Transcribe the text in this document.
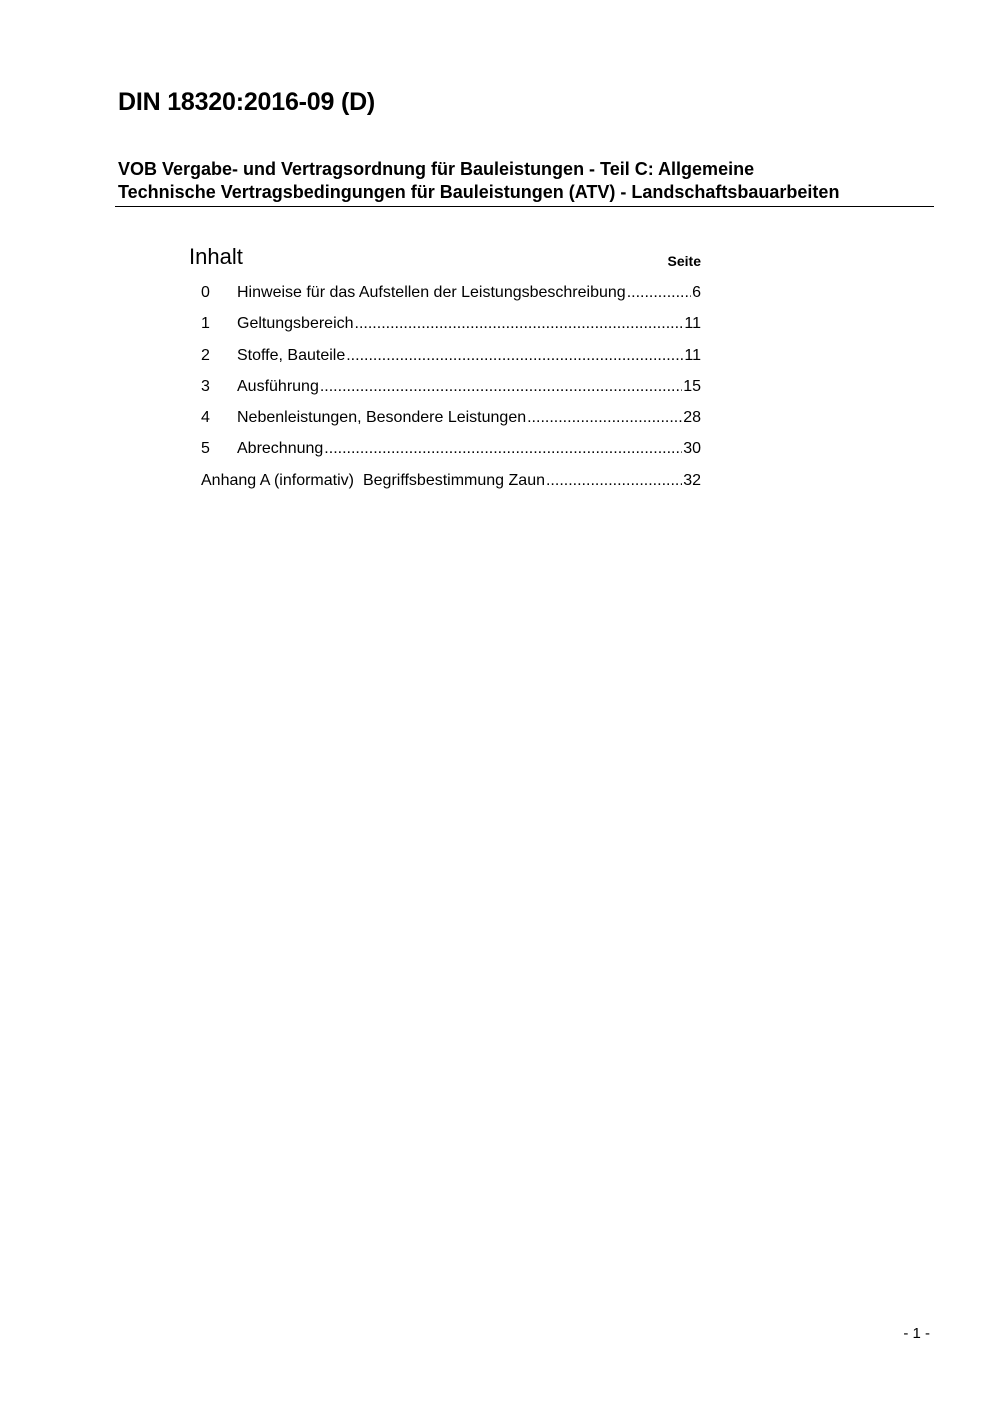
DIN 18320:2016-09 (D)
VOB Vergabe- und Vertragsordnung für Bauleistungen - Teil C: Allgemeine
Technische Vertragsbedingungen für Bauleistungen (ATV) - Landschaftsbauarbeiten
Inhalt	Seite
0	Hinweise für das Aufstellen der Leistungsbeschreibung .....	6
1	Geltungsbereich .....	11
2	Stoffe, Bauteile .....	11
3	Ausführung .....	15
4	Nebenleistungen, Besondere Leistungen .....	28
5	Abrechnung .....	30
Anhang A (informativ) Begriffsbestimmung Zaun .....	32
- 1 -
